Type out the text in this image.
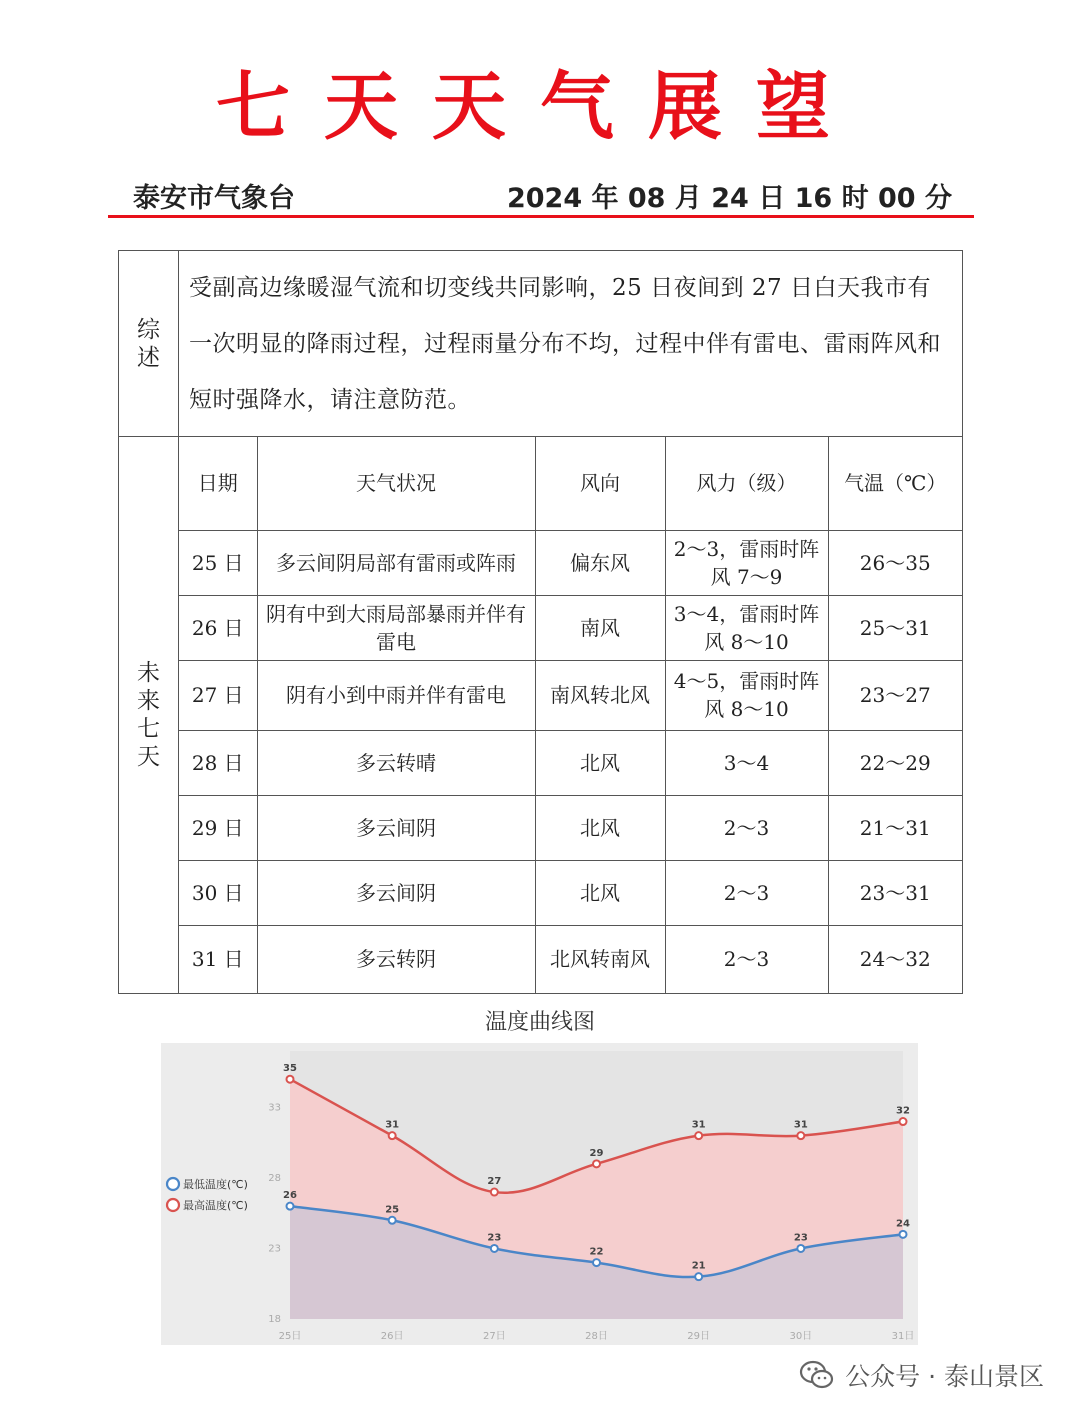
七天天气展望
泰安市气象台	2024 年 08 月 24 日 16 时 00 分
综
述
	受副高边缘暖湿气流和切变线共同影响，25 日夜间到 27 日白天我市有一次明显的降雨过程，过程雨量分布不均，过程中伴有雷电、雷雨阵风和短时强降水，请注意防范。

未
来
七
天

日期	天气状况	风向	风力（级）	气温（℃）
25 日	多云间阴局部有雷雨或阵雨	偏东风	2～3，雷雨时阵风 7～9	26～35
26 日	阴有中到大雨局部暴雨并伴有雷电	南风	3～4，雷雨时阵风 8～10	25～31
27 日	阴有小到中雨并伴有雷电	南风转北风	4～5，雷雨时阵风 8～10	23～27
28 日	多云转晴	北风	3～4	22～29
29 日	多云间阴	北风	2～3	21～31
30 日	多云间阴	北风	2～3	23～31
31 日	多云转阴	北风转南风	2～3	24～32
温度曲线图
18
23
28
33
25日	26日	27日	28日	29日	30日	31日
35
31
27
29
31	31
32
26
25
23
22
21
23
24
最低温度(℃)
最高温度(℃)
公众号 · 泰山景区
